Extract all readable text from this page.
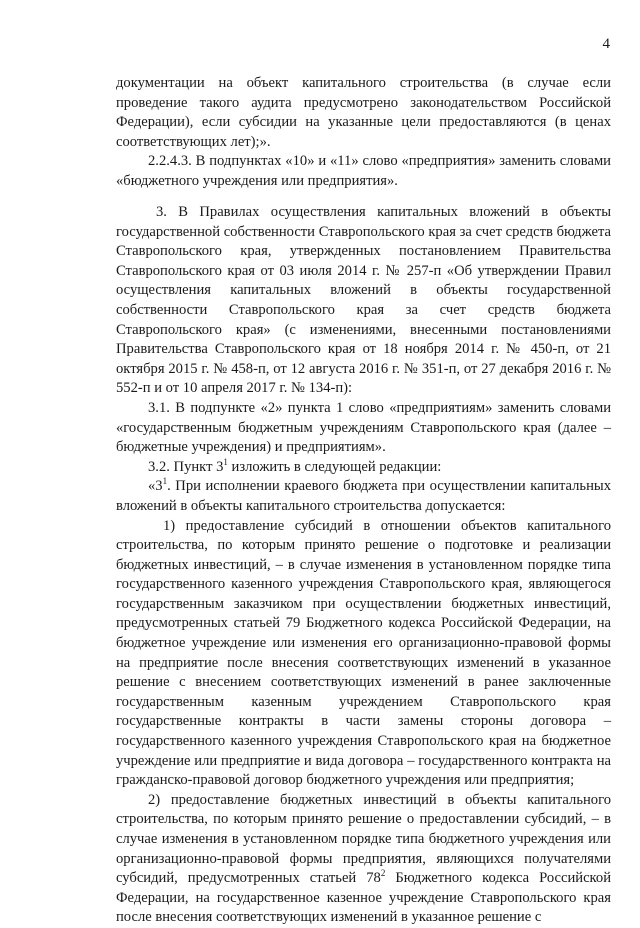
4

документации на объект капитального строительства (в случае если проведение такого аудита предусмотрено законодательством Российской Федерации), если субсидии на указанные цели предоставляются (в ценах соответствующих лет);».

2.2.4.3. В подпунктах «10» и «11» слово «предприятия» заменить словами «бюджетного учреждения или предприятия».

3. В Правилах осуществления капитальных вложений в объекты государственной собственности Ставропольского края за счет средств бюджета Ставропольского края, утвержденных постановлением Правительства Ставропольского края от 03 июля 2014 г. № 257-п «Об утверждении Правил осуществления капитальных вложений в объекты государственной собственности Ставропольского края за счет средств бюджета Ставропольского края» (с изменениями, внесенными постановлениями Правительства Ставропольского края от 18 ноября 2014 г. № 450-п, от 21 октября 2015 г. № 458-п, от 12 августа 2016 г. № 351-п, от 27 декабря 2016 г. № 552-п и от 10 апреля 2017 г. № 134-п):

3.1. В подпункте «2» пункта 1 слово «предприятиям» заменить словами «государственным бюджетным учреждениям Ставропольского края (далее – бюджетные учреждения) и предприятиям».

3.2. Пункт $3^1$ изложить в следующей редакции:

«$3^1$. При исполнении краевого бюджета при осуществлении капитальных вложений в объекты капитального строительства допускается:

1) предоставление субсидий в отношении объектов капитального строительства, по которым принято решение о подготовке и реализации бюджетных инвестиций, – в случае изменения в установленном порядке типа государственного казенного учреждения Ставропольского края, являющегося государственным заказчиком при осуществлении бюджетных инвестиций, предусмотренных статьей 79 Бюджетного кодекса Российской Федерации, на бюджетное учреждение или изменения его организационно-правовой формы на предприятие после внесения соответствующих изменений в указанное решение с внесением соответствующих изменений в ранее заключенные государственным казенным учреждением Ставропольского края государственные контракты в части замены стороны договора – государственного казенного учреждения Ставропольского края на бюджетное учреждение или предприятие и вида договора – государственного контракта на гражданско-правовой договор бюджетного учреждения или предприятия;

2) предоставление бюджетных инвестиций в объекты капитального строительства, по которым принято решение о предоставлении субсидий, – в случае изменения в установленном порядке типа бюджетного учреждения или организационно-правовой формы предприятия, являющихся получателями субсидий, предусмотренных статьей $78^2$ Бюджетного кодекса Российской Федерации, на государственное казенное учреждение Ставропольского края после внесения соответствующих изменений в указанное решение с
